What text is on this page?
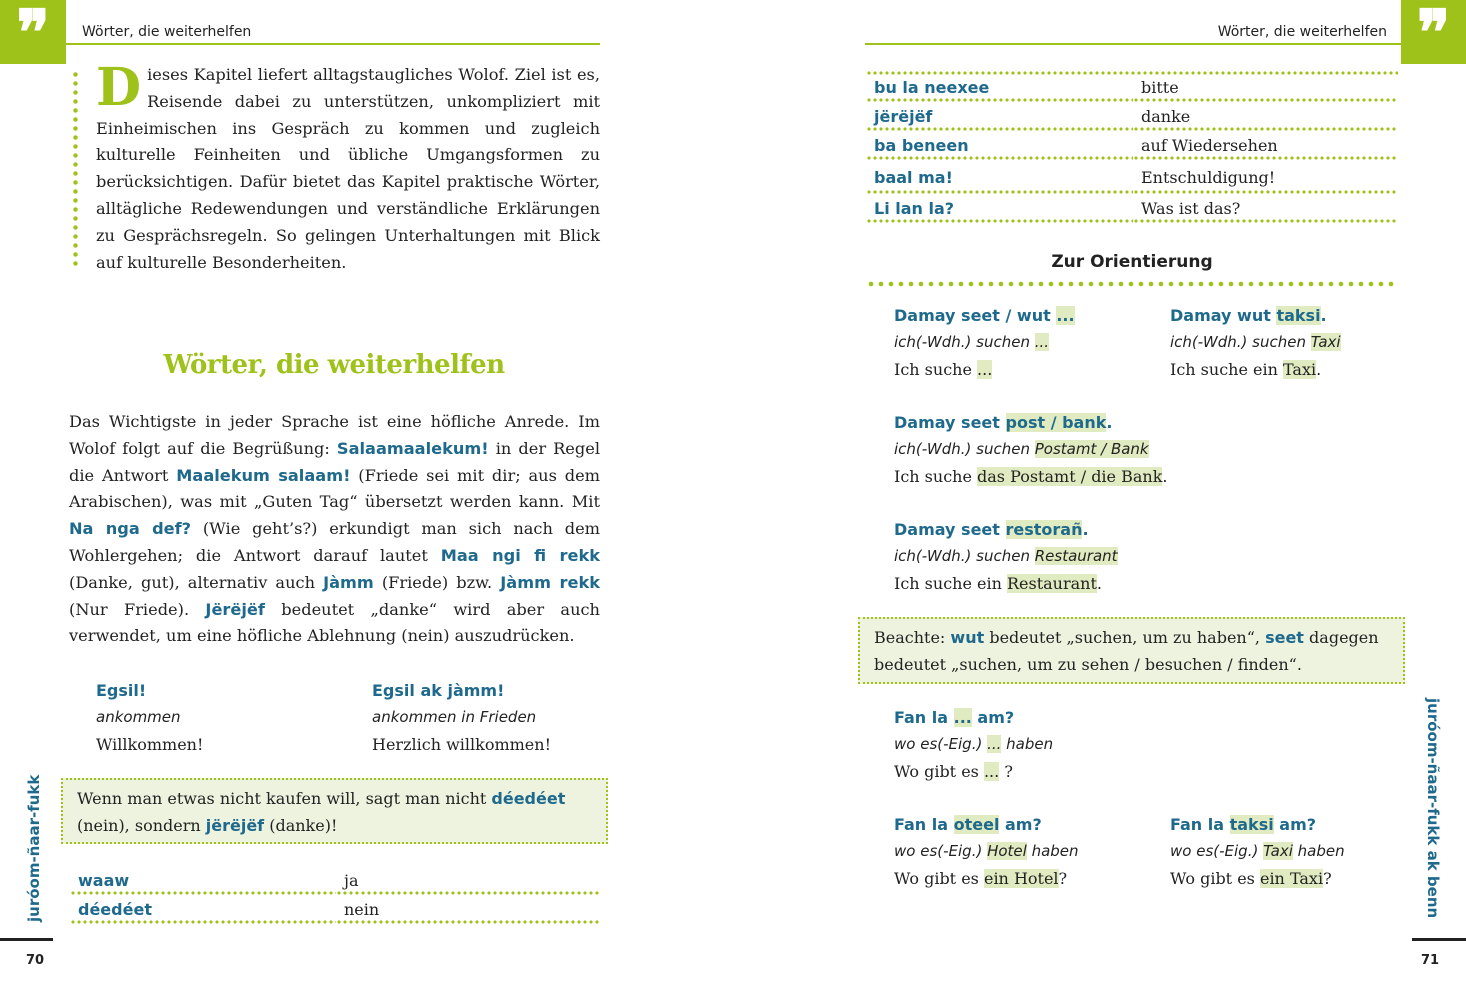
❞	Wörter, die weiterhelfen
Dieses Kapitel liefert alltagstaugliches Wolof. Ziel ist es, Reisende dabei zu unterstützen, unkompliziert mit Einheimischen ins Gespräch zu kommen und zugleich kulturelle Feinheiten und übliche Umgangsformen zu berücksichtigen. Dafür bietet das Kapitel praktische Wörter, alltägliche Redewendungen und verständliche Erklärungen zu Gesprächsregeln. So gelingen Unterhaltungen mit Blick auf kulturelle Besonderheiten.
Wörter, die weiterhelfen
Das Wichtigste in jeder Sprache ist eine höfliche Anrede. Im Wolof folgt auf die Begrüßung: Salaamaalekum! in der Regel die Antwort Maalekum salaam! (Friede sei mit dir; aus dem Arabischen), was mit „Guten Tag“ übersetzt werden kann. Mit Na nga def? (Wie geht’s?) erkundigt man sich nach dem Wohlergehen; die Antwort darauf lautet Maa ngi fi rekk (Danke, gut), alternativ auch Jàmm (Friede) bzw. Jàmm rekk (Nur Friede). Jërëjëf bedeutet „danke“ wird aber auch verwendet, um eine höfliche Ablehnung (nein) auszudrücken.
Egsil!
ankommen
Willkommen!
Egsil ak jàmm!
ankommen in Frieden
Herzlich willkommen!
Wenn man etwas nicht kaufen will, sagt man nicht déedéet (nein), sondern jërëjëf (danke)!
waaw	ja
déedéet	nein
juróom-ñaar-fukk
70
❞
Wörter, die weiterhelfen
bu la neexee	bitte
jërëjëf	danke
ba beneen	auf Wiedersehen
baal ma!	Entschuldigung!
Li lan la?	Was ist das?
Zur Orientierung
Damay seet / wut ...
ich(-Wdh.) suchen ...
Ich suche ...
Damay wut taksi.
ich(-Wdh.) suchen Taxi
Ich suche ein Taxi.
Damay seet post / bank.
ich(-Wdh.) suchen Postamt / Bank
Ich suche das Postamt / die Bank.
Damay seet restorañ.
ich(-Wdh.) suchen Restaurant
Ich suche ein Restaurant.
Beachte: wut bedeutet „suchen, um zu haben“, seet dagegen bedeutet „suchen, um zu sehen / besuchen / finden“.
Fan la ... am?
wo es(-Eig.) ... haben
Wo gibt es ... ?
Fan la oteel am?
wo es(-Eig.) Hotel haben
Wo gibt es ein Hotel?
Fan la taksi am?
wo es(-Eig.) Taxi haben
Wo gibt es ein Taxi?	juróom-ñaar-fukk ak benn
71
